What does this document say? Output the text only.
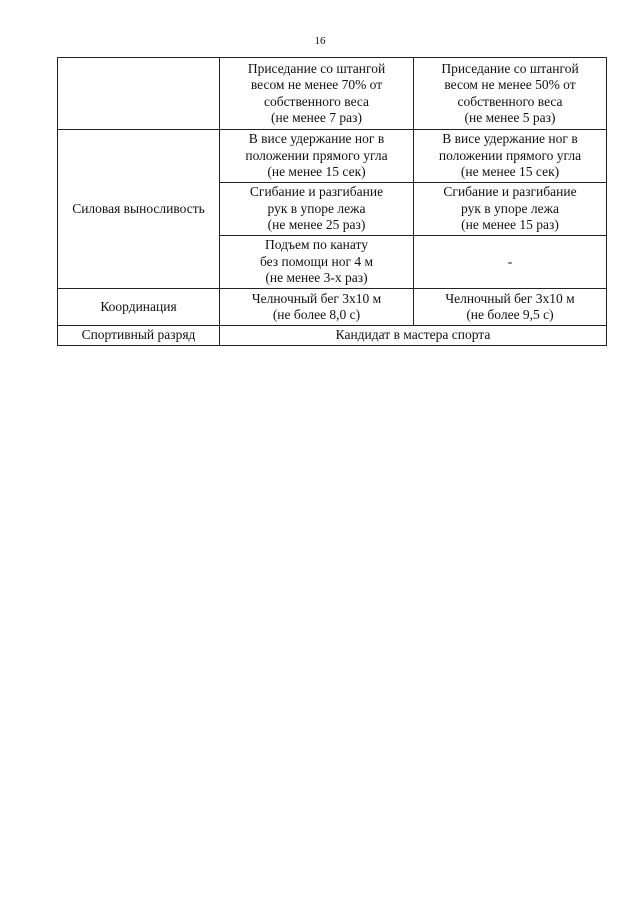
16

	Приседание со штангой
весом не менее 70% от
собственного веса
(не менее 7 раз)	Приседание со штангой
весом не менее 50% от
собственного веса
(не менее 5 раз)

Силовая выносливость	В висе удержание ног в
положении прямого угла
(не менее 15 сек)	В висе удержание ног в
положении прямого угла
(не менее 15 сек)

	Сгибание и разгибание
рук в упоре лежа
(не менее 25 раз)	Сгибание и разгибание
рук в упоре лежа
(не менее 15 раз)

	Подъем по канату
без помощи ног 4 м
(не менее 3-х раз)	-

Координация	Челночный бег 3х10 м
(не более 8,0 с)	Челночный бег 3х10 м
(не более 9,5 с)

Спортивный разряд	Кандидат в мастера спорта	
